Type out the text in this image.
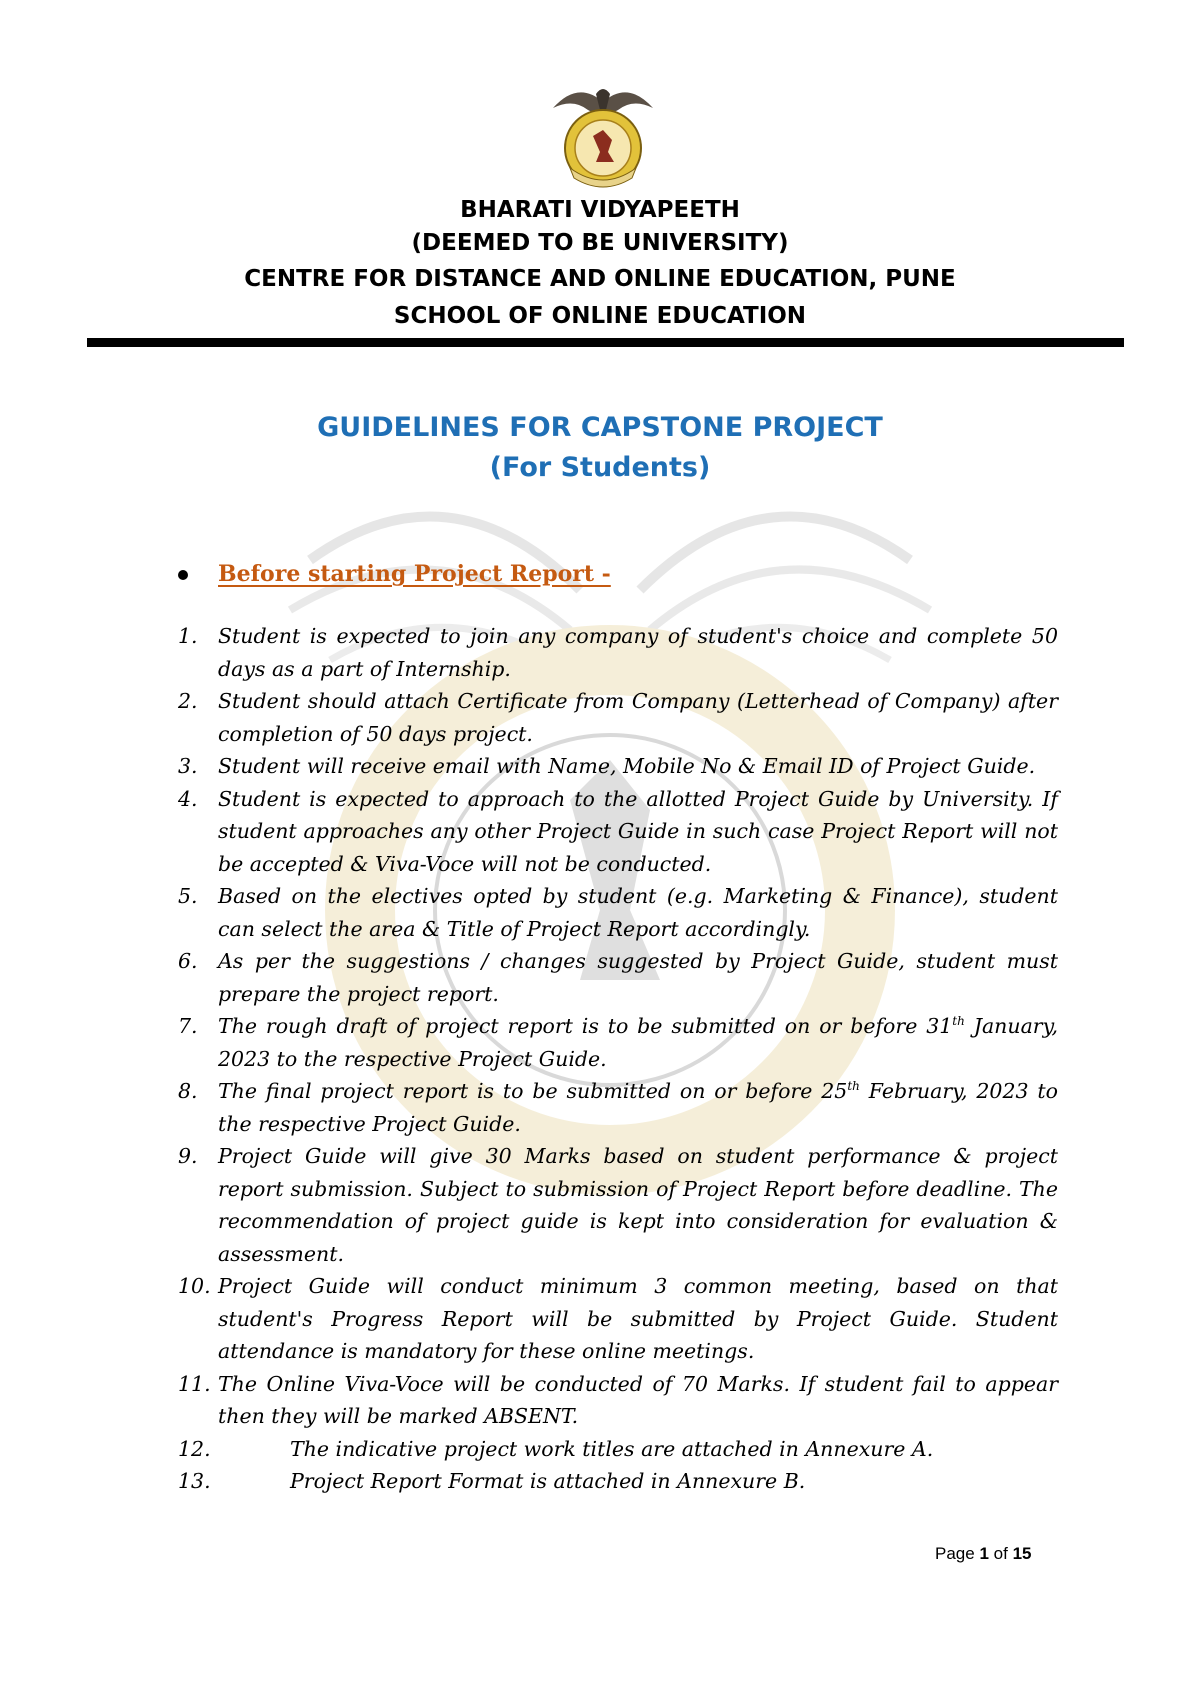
BHARATI VIDYAPEETH
(DEEMED TO BE UNIVERSITY)
CENTRE FOR DISTANCE AND ONLINE EDUCATION, PUNE
SCHOOL OF ONLINE EDUCATION
GUIDELINES FOR CAPSTONE PROJECT
(For Students)
Before starting Project Report -
1. Student is expected to join any company of student's choice and complete 50 days as a part of Internship.
2. Student should attach Certificate from Company (Letterhead of Company) after completion of 50 days project.
3. Student will receive email with Name, Mobile No & Email ID of Project Guide.
4. Student is expected to approach to the allotted Project Guide by University. If student approaches any other Project Guide in such case Project Report will not be accepted & Viva-Voce will not be conducted.
5. Based on the electives opted by student (e.g. Marketing & Finance), student can select the area & Title of Project Report accordingly.
6. As per the suggestions / changes suggested by Project Guide, student must prepare the project report.
7. The rough draft of project report is to be submitted on or before 31th January, 2023 to the respective Project Guide.
8. The final project report is to be submitted on or before 25th February, 2023 to the respective Project Guide.
9. Project Guide will give 30 Marks based on student performance & project report submission. Subject to submission of Project Report before deadline. The recommendation of project guide is kept into consideration for evaluation & assessment.
10. Project Guide will conduct minimum 3 common meeting, based on that student's Progress Report will be submitted by Project Guide. Student attendance is mandatory for these online meetings.
11. The Online Viva-Voce will be conducted of 70 Marks. If student fail to appear then they will be marked ABSENT.
12.	The indicative project work titles are attached in Annexure A.
13.	Project Report Format is attached in Annexure B.
Page 1 of 15
